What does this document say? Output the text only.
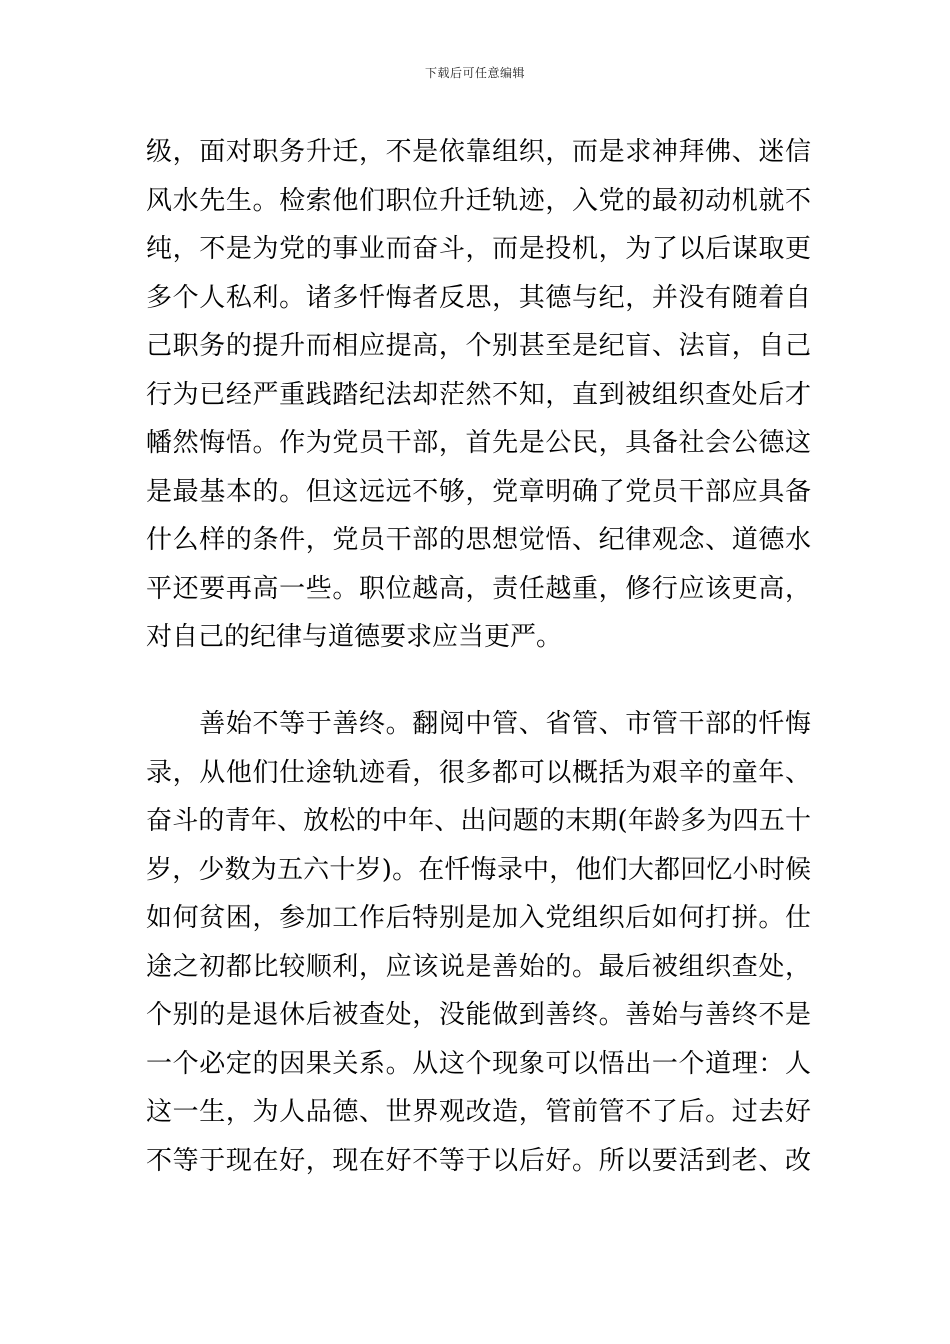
下载后可任意编辑
级，面对职务升迁，不是依靠组织，而是求神拜佛、迷信
风水先生。检索他们职位升迁轨迹，入党的最初动机就不
纯，不是为党的事业而奋斗，而是投机，为了以后谋取更
多个人私利。诸多忏悔者反思，其德与纪，并没有随着自
己职务的提升而相应提高，个别甚至是纪盲、法盲，自己
行为已经严重践踏纪法却茫然不知，直到被组织查处后才
幡然悔悟。作为党员干部，首先是公民，具备社会公德这
是最基本的。但这远远不够，党章明确了党员干部应具备
什么样的条件，党员干部的思想觉悟、纪律观念、道德水
平还要再高一些。职位越高，责任越重，修行应该更高，
对自己的纪律与道德要求应当更严。
　　善始不等于善终。翻阅中管、省管、市管干部的忏悔
录，从他们仕途轨迹看，很多都可以概括为艰辛的童年、
奋斗的青年、放松的中年、出问题的末期(年龄多为四五十
岁，少数为五六十岁)。在忏悔录中，他们大都回忆小时候
如何贫困，参加工作后特别是加入党组织后如何打拼。仕
途之初都比较顺利，应该说是善始的。最后被组织查处，
个别的是退休后被查处，没能做到善终。善始与善终不是
一个必定的因果关系。从这个现象可以悟出一个道理：人
这一生，为人品德、世界观改造，管前管不了后。过去好
不等于现在好，现在好不等于以后好。所以要活到老、改
